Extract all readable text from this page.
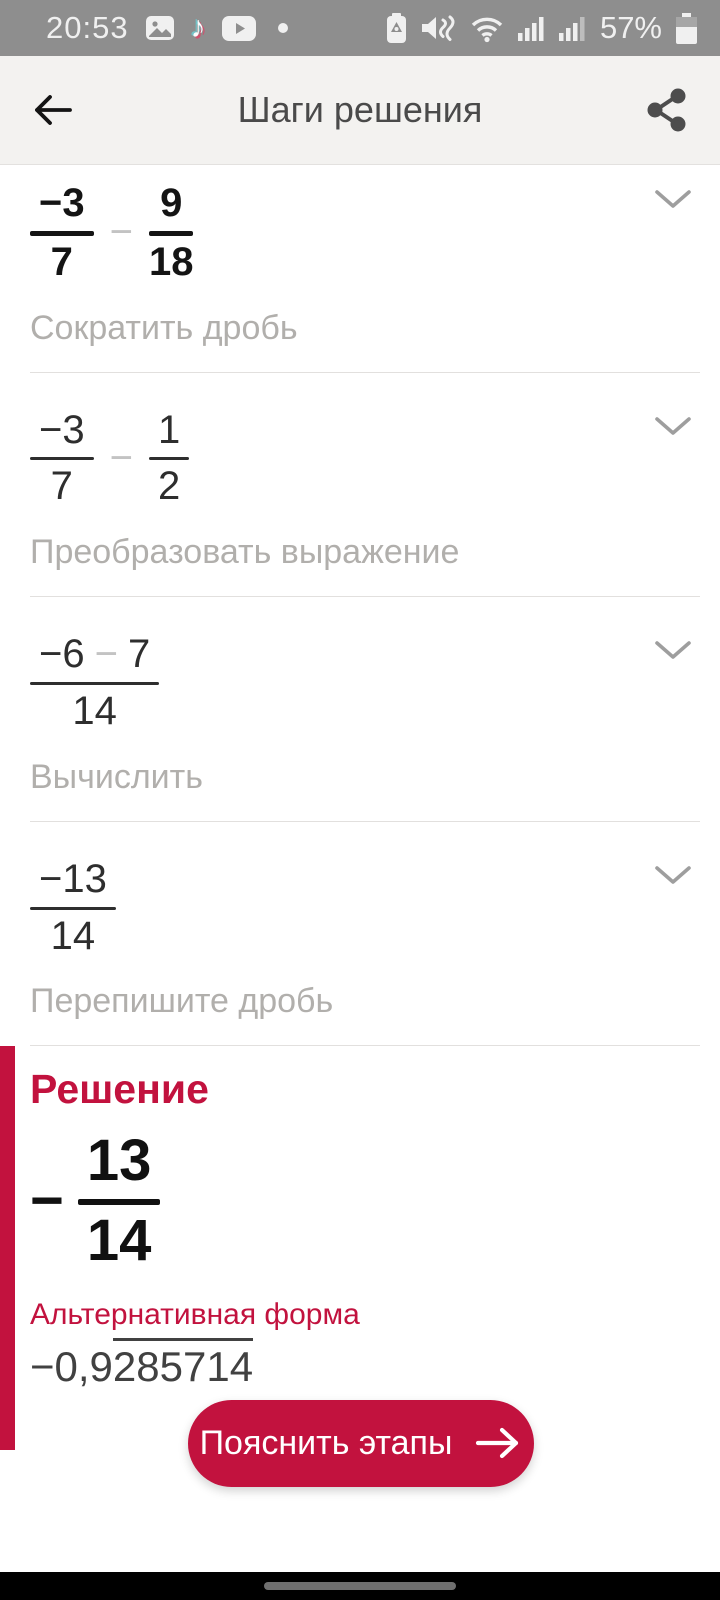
20:53 ♪	57%
Шаги решения
−3
7
−
9
18
Сократить дробь
$\frac{-3}{7} - \frac{1}{2}$
Преобразовать выражение
$\frac{-6 - 7}{14}$
Вычислить
$\frac{-13}{14}$
Перепишите дробь
Решение
−
13
14
Альтернативная форма
−0,9 285714
Пояснить этапы
